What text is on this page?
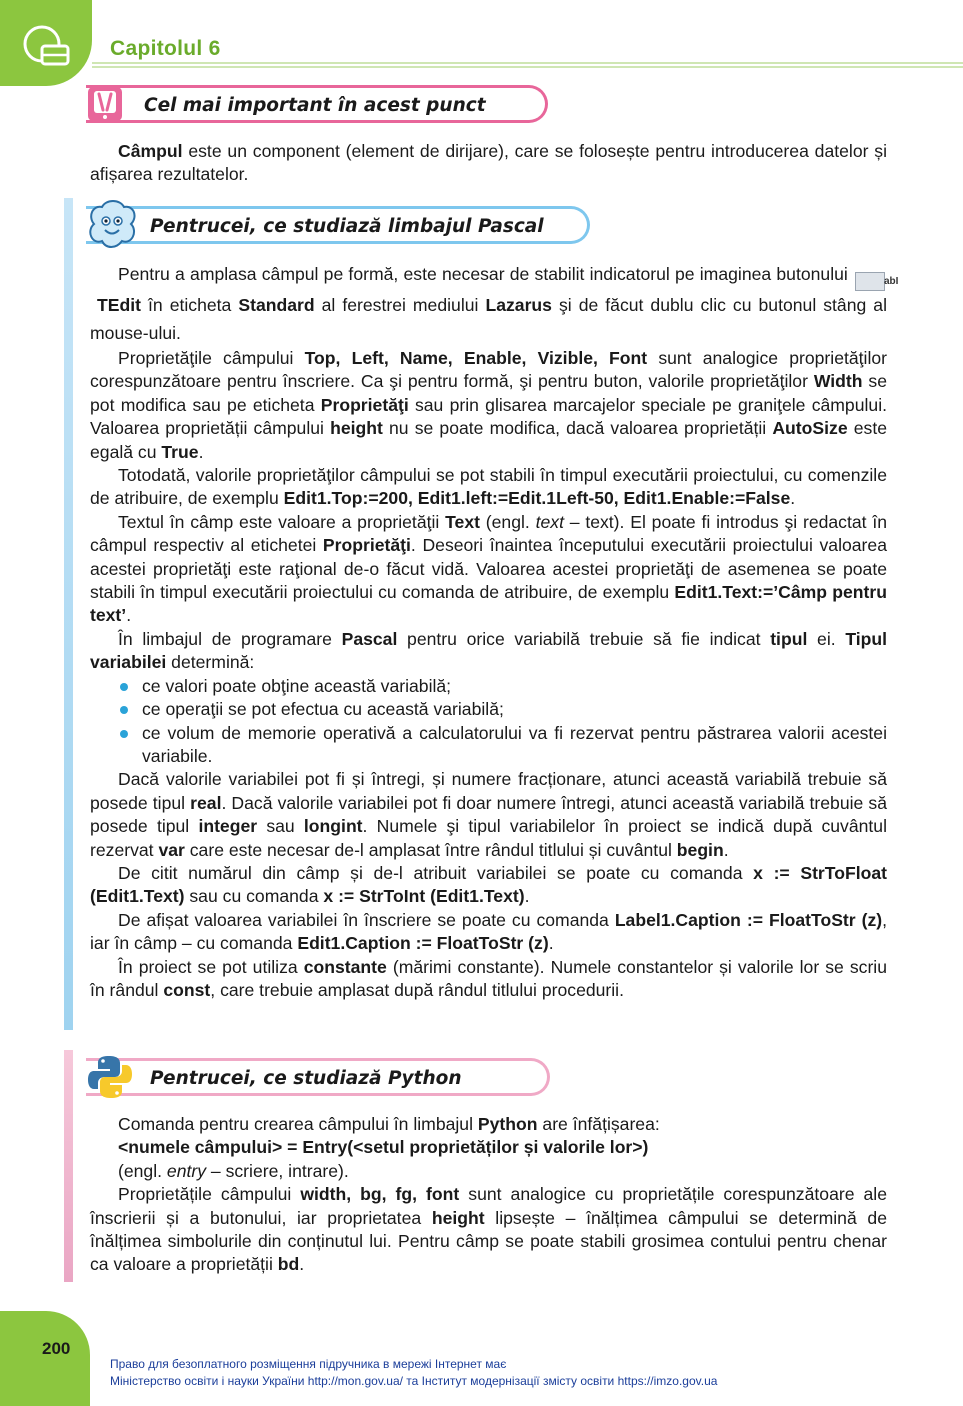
Capitolul 6
Cel mai important în acest punct

Câmpul este un component (element de dirijare), care se folosește pentru introducerea datelor și afișarea rezultatelor.

Pentrucei, ce studiază limbajul Pascal

Pentru a amplasa câmpul pe formă, este necesar de stabilit indicatorul pe imaginea butonului	abI TEdit în eticheta Standard al ferestrei mediului Lazarus şi de făcut dublu clic cu butonul stâng al mouse-ului.

Proprietăţile câmpului Top, Left, Name, Enable, Vizible, Font sunt analogice proprietăţilor corespunzătoare pentru înscriere. Ca şi pentru formă, şi pentru buton, valorile proprietăţilor Width se pot modifica sau pe eticheta Proprietăţi sau prin glisarea marcajelor speciale pe graniţele câmpului. Valoarea proprietății câmpului height nu se poate modifica, dacă valoarea proprietății AutoSize este egală cu True.

Totodată, valorile proprietăţilor câmpului se pot stabili în timpul executării proiectului, cu comenzile de atribuire, de exemplu Edit1.Top:=200, Edit1.left:=Edit.1Left-50, Edit1.Enable:=False.

Textul în câmp este valoare a proprietăţii Text (engl. text – text). El poate fi introdus şi redactat în câmpul respectiv al etichetei Proprietăţi. Deseori înaintea începutului executării proiectului valoarea acestei proprietăţi este raţional de-o făcut vidă. Valoarea acestei proprietăţi de asemenea se poate stabili în timpul executării proiectului cu comanda de atribuire, de exemplu Edit1.Text:=’Câmp pentru text’.

În limbajul de programare Pascal pentru orice variabilă trebuie să fie indicat tipul ei. Tipul variabilei determină:

ce valori poate obţine această variabilă;
ce operaţii se pot efectua cu această variabilă;
ce volum de memorie operativă a calculatorului va fi rezervat pentru păstrarea valorii acestei variabile.

Dacă valorile variabilei pot fi și întregi, și numere fracționare, atunci această variabilă trebuie să posede tipul real. Dacă valorile variabilei pot fi doar numere întregi, atunci această variabilă trebuie să posede tipul integer sau longint. Numele şi tipul variabilelor în proiect se indică după cuvântul rezervat var care este necesar de-l amplasat între rândul titlului și cuvântul begin.

De citit numărul din câmp și de-l atribuit variabilei se poate cu comanda x := StrToFloat (Edit1.Text) sau cu comanda x := StrToInt (Edit1.Text).

De afișat valoarea variabilei în înscriere se poate cu comanda Label1.Caption := FloatToStr (z), iar în câmp – cu comanda Edit1.Caption := FloatToStr (z).

În proiect se pot utiliza constante (mărimi constante). Numele constantelor și valorile lor se scriu în rândul const, care trebuie amplasat după rândul titlului procedurii.

Pentrucei, ce studiază Python

Comanda pentru crearea câmpului în limbajul Python are înfățișarea:

<numele câmpului> = Entry(<setul proprietăților și valorile lor>)

(engl. entry – scriere, intrare).

Proprietățile câmpului width, bg, fg, font sunt analogice cu proprietățile corespunzătoare ale înscrierii și a butonului, iar proprietatea height lipsește – înălțimea câmpului se determină de înălțimea simbolurile din conținutul lui. Pentru câmp se poate stabili grosimea contului pentru chenar ca valoare a proprietății bd.

200
Право для безоплатного розміщення підручника в мережі Інтернет має
Міністерство освіти і науки України http://mon.gov.ua/ та Інститут модернізації змісту освіти https://imzo.gov.ua
